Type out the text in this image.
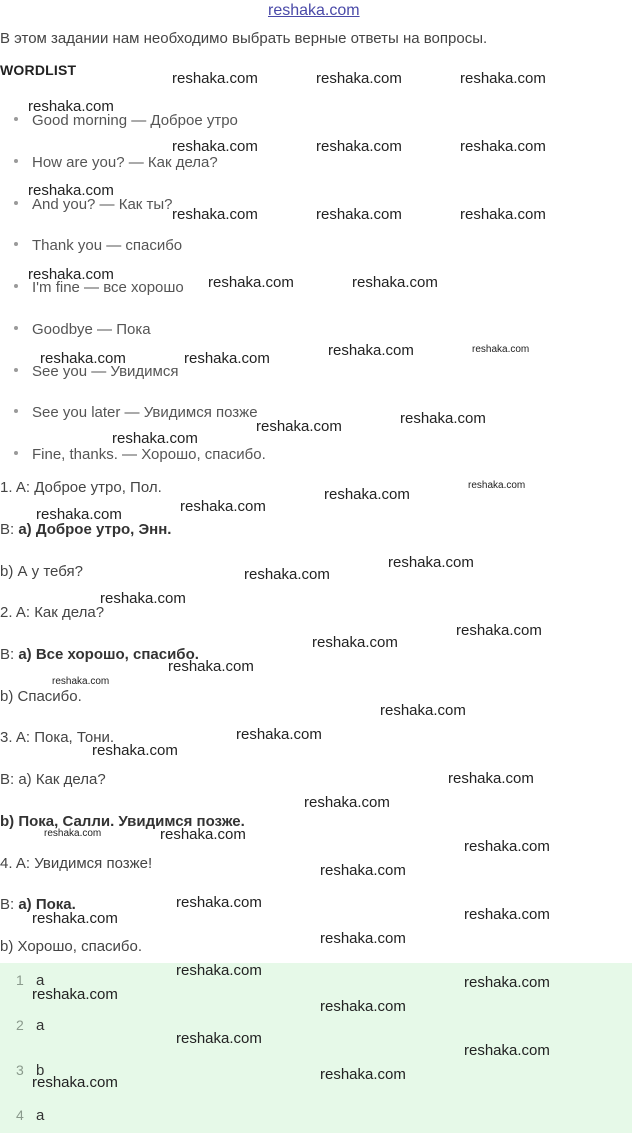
reshaka.com
В этом задании нам необходимо выбрать верные ответы на вопросы.
WORDLIST
Good morning — Доброе утро
How are you? — Как дела?
And you? — Как ты?
Thank you — спасибо
I'm fine — все хорошо
Goodbye — Пока
See you — Увидимся
See you later — Увидимся позже
Fine, thanks. — Хорошо, спасибо.
1. A: Доброе утро, Пол.
B: a) Доброе утро, Энн.
b) А у тебя?
2. A: Как дела?
B: a) Все хорошо, спасибо.
b) Спасибо.
3. A: Пока, Тони.
B: a) Как дела?
b) Пока, Салли. Увидимся позже.
4. A: Увидимся позже!
B: a) Пока.
b) Хорошо, спасибо.
1 a
2 a
3 b
4 a
reshaka.com	reshaka.com	reshaka.com
reshaka.com
reshaka.com	reshaka.com	reshaka.com
reshaka.com
reshaka.com	reshaka.com	reshaka.com
reshaka.com	reshaka.com	reshaka.com
reshaka.com	reshaka.com	reshaka.com	reshaka.com
reshaka.com	reshaka.com
reshaka.com
reshaka.com
reshaka.com
reshaka.com
reshaka.com
reshaka.com
reshaka.com
reshaka.com
reshaka.com
reshaka.com
reshaka.com
reshaka.com
reshaka.com
reshaka.com
reshaka.com
reshaka.com
reshaka.com
reshaka.com
reshaka.com
reshaka.com
reshaka.com
reshaka.com
reshaka.com	reshaka.com
reshaka.com
reshaka.com
reshaka.com
reshaka.com
reshaka.com
reshaka.com
reshaka.com
reshaka.com
reshaka.com
